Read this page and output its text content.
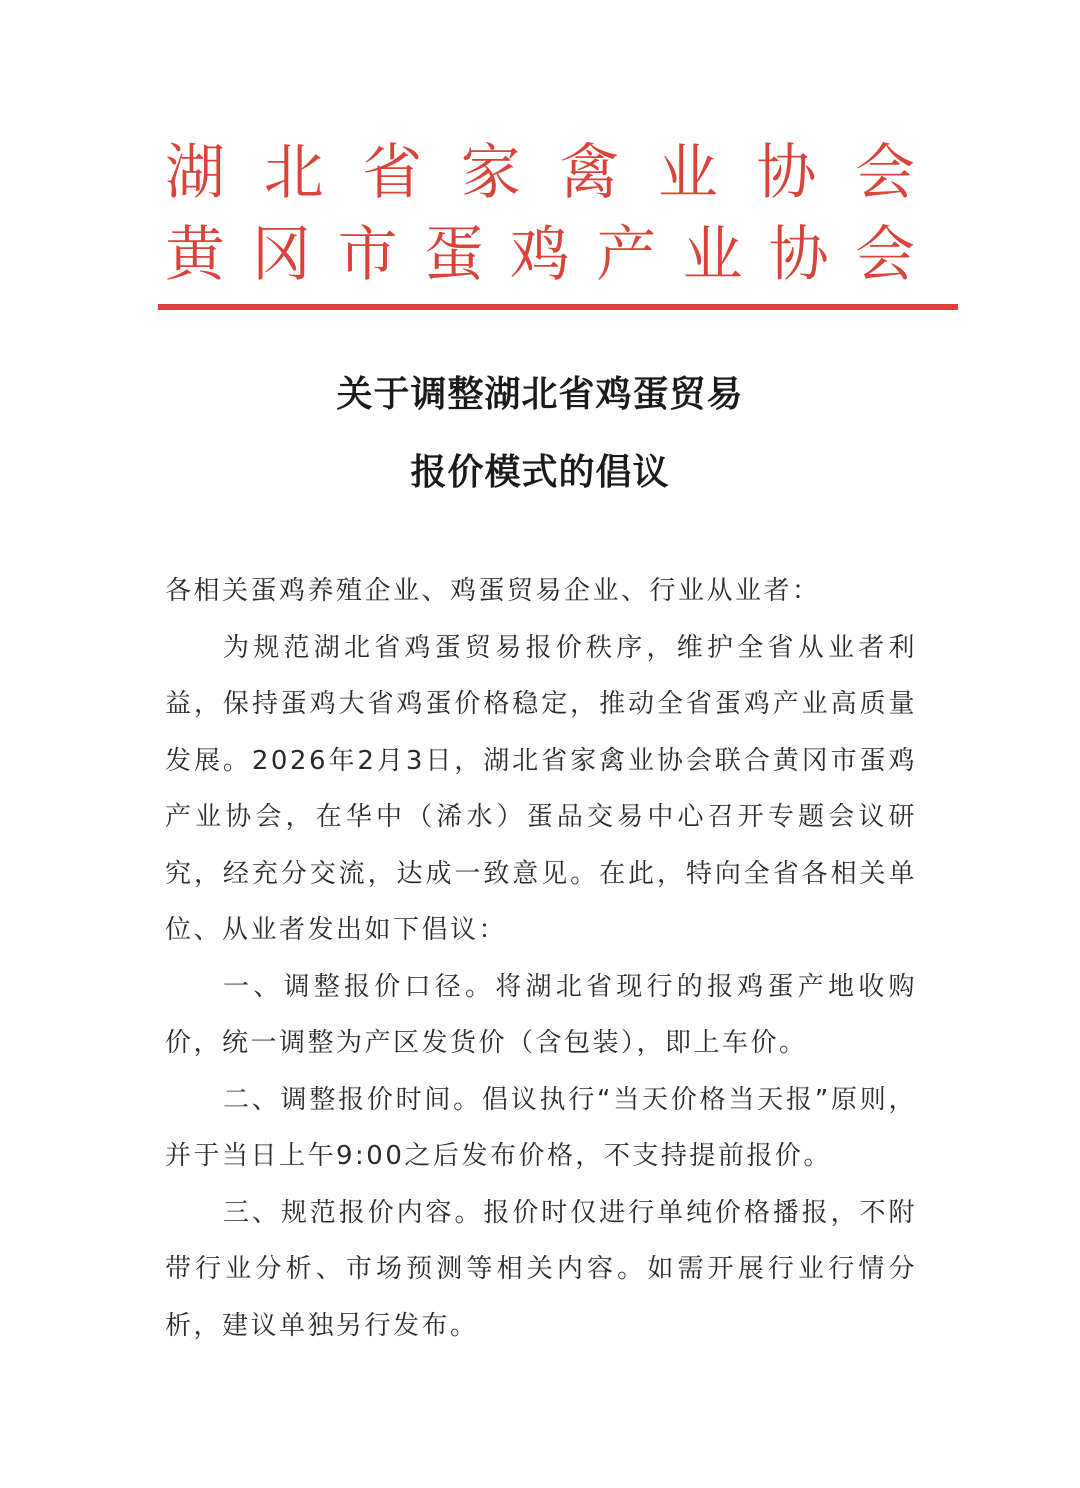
湖 北 省 家 禽 业 协 会
黄 冈 市 蛋 鸡 产 业 协 会
关于调整湖北省鸡蛋贸易
报价模式的倡议

各相关蛋鸡养殖企业、鸡蛋贸易企业、行业从业者：

为规范湖北省鸡蛋贸易报价秩序，维护全省从业者利益，保持蛋鸡大省鸡蛋价格稳定，推动全省蛋鸡产业高质量发展。2026年2月3日，湖北省家禽业协会联合黄冈市蛋鸡产业协会，在华中（浠水）蛋品交易中心召开专题会议研究，经充分交流，达成一致意见。在此，特向全省各相关单位、从业者发出如下倡议：

一、调整报价口径。将湖北省现行的报鸡蛋产地收购价，统一调整为产区发货价（含包装），即上车价。

二、调整报价时间。倡议执行“当天价格当天报”原则，并于当日上午9:00之后发布价格，不支持提前报价。

三、规范报价内容。报价时仅进行单纯价格播报，不附带行业分析、市场预测等相关内容。如需开展行业行情分析，建议单独另行发布。
